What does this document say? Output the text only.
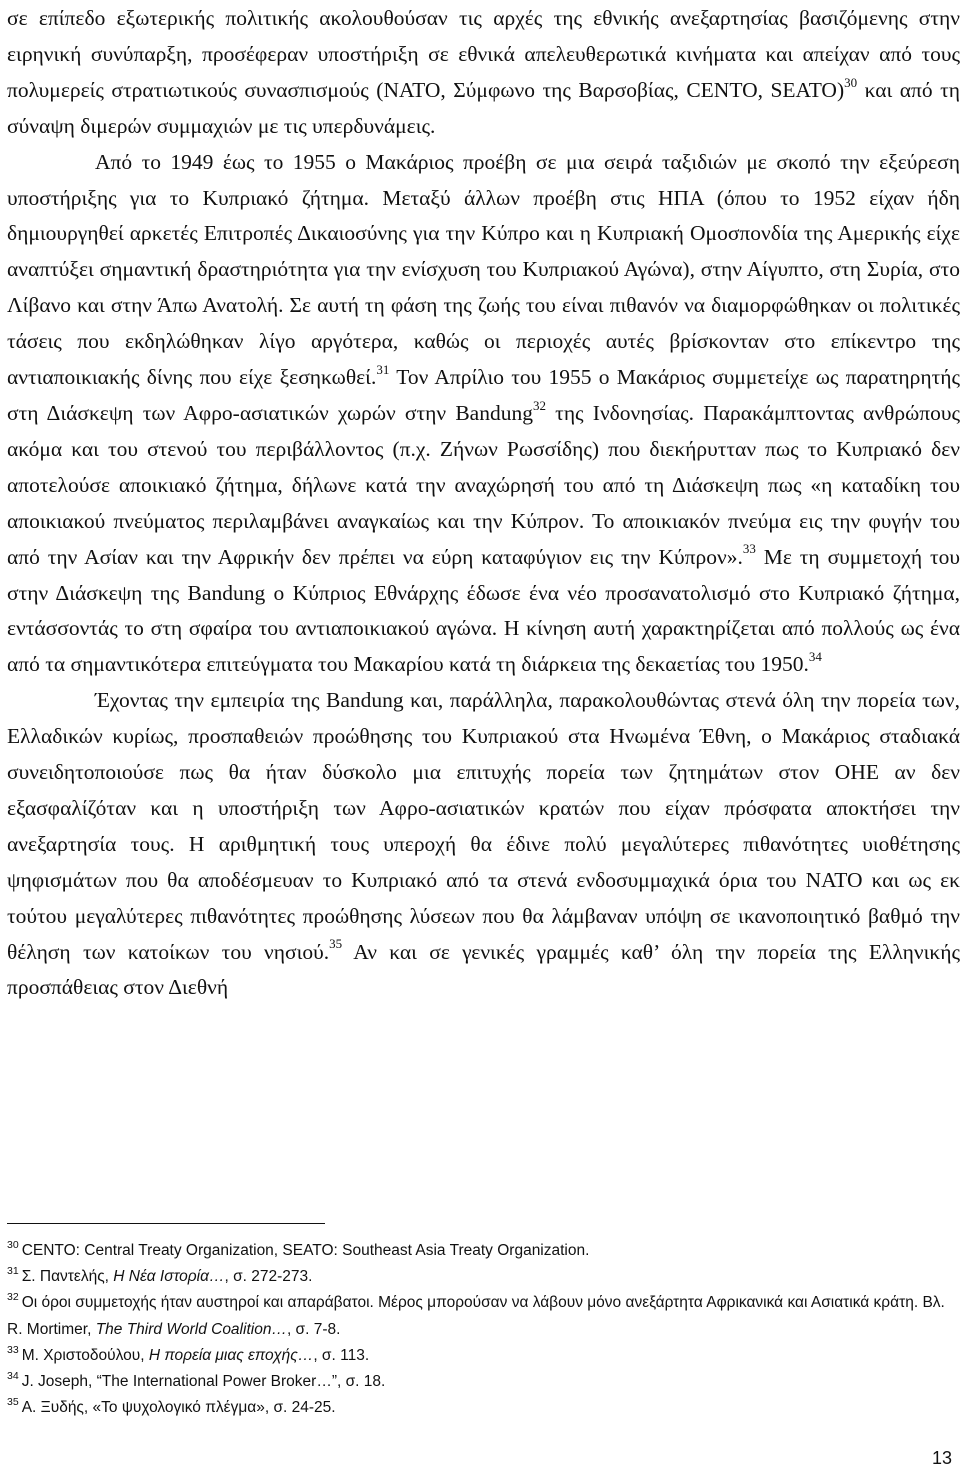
σε επίπεδο εξωτερικής πολιτικής ακολουθούσαν τις αρχές της εθνικής ανεξαρτησίας βασιζόμενης στην ειρηνική συνύπαρξη, προσέφεραν υποστήριξη σε εθνικά απελευθερωτικά κινήματα και απείχαν από τους πολυμερείς στρατιωτικούς συνασπισμούς (ΝΑΤΟ, Σύμφωνο της Βαρσοβίας, CENTO, SEATO)$^{30}$ και από τη σύναψη διμερών συμμαχιών με τις υπερδυνάμεις.

Από το 1949 έως το 1955 ο Μακάριος προέβη σε μια σειρά ταξιδιών με σκοπό την εξεύρεση υποστήριξης για το Κυπριακό ζήτημα. Μεταξύ άλλων προέβη στις ΗΠΑ (όπου το 1952 είχαν ήδη δημιουργηθεί αρκετές Επιτροπές Δικαιοσύνης για την Κύπρο και η Κυπριακή Ομοσπονδία της Αμερικής είχε αναπτύξει σημαντική δραστηριότητα για την ενίσχυση του Κυπριακού Αγώνα), στην Αίγυπτο, στη Συρία, στο Λίβανο και στην Άπω Ανατολή. Σε αυτή τη φάση της ζωής του είναι πιθανόν να διαμορφώθηκαν οι πολιτικές τάσεις που εκδηλώθηκαν λίγο αργότερα, καθώς οι περιοχές αυτές βρίσκονταν στο επίκεντρο της αντιαποικιακής δίνης που είχε ξεσηκωθεί.$^{31}$ Τον Απρίλιο του 1955 ο Μακάριος συμμετείχε ως παρατηρητής στη Διάσκεψη των Αφρο-ασιατικών χωρών στην Bandung$^{32}$ της Ινδονησίας. Παρακάμπτοντας ανθρώπους ακόμα και του στενού του περιβάλλοντος (π.χ. Ζήνων Ρωσσίδης) που διεκήρυτταν πως το Κυπριακό δεν αποτελούσε αποικιακό ζήτημα, δήλωνε κατά την αναχώρησή του από τη Διάσκεψη πως «η καταδίκη του αποικιακού πνεύματος περιλαμβάνει αναγκαίως και την Κύπρον. Το αποικιακόν πνεύμα εις την φυγήν του από την Ασίαν και την Αφρικήν δεν πρέπει να εύρη καταφύγιον εις την Κύπρον».$^{33}$ Με τη συμμετοχή του στην Διάσκεψη της Bandung ο Κύπριος Εθνάρχης έδωσε ένα νέο προσανατολισμό στο Κυπριακό ζήτημα, εντάσσοντάς το στη σφαίρα του αντιαποικιακού αγώνα. Η κίνηση αυτή χαρακτηρίζεται από πολλούς ως ένα από τα σημαντικότερα επιτεύγματα του Μακαρίου κατά τη διάρκεια της δεκαετίας του 1950.34

Έχοντας την εμπειρία της Bandung και, παράλληλα, παρακολουθώντας στενά όλη την πορεία των, Ελλαδικών κυρίως, προσπαθειών προώθησης του Κυπριακού στα Ηνωμένα Έθνη, ο Μακάριος σταδιακά συνειδητοποιούσε πως θα ήταν δύσκολο μια επιτυχής πορεία των ζητημάτων στον ΟΗΕ αν δεν εξασφαλίζόταν και η υποστήριξη των Αφρο-ασιατικών κρατών που είχαν πρόσφατα αποκτήσει την ανεξαρτησία τους. Η αριθμητική τους υπεροχή θα έδινε πολύ μεγαλύτερες πιθανότητες υιοθέτησης ψηφισμάτων που θα αποδέσμευαν το Κυπριακό από τα στενά ενδοσυμμαχικά όρια του ΝΑΤΟ και ως εκ τούτου μεγαλύτερες πιθανότητες προώθησης λύσεων που θα λάμβαναν υπόψη σε ικανοποιητικό βαθμό την θέληση των κατοίκων του νησιού.$^{35}$ Αν και σε γενικές γραμμές καθ’ όλη την πορεία της Ελληνικής προσπάθειας στον Διεθνή

$^{30}$ CENTO: Central Treaty Organization, SEATO: Southeast Asia Treaty Organization.

$^{31}$ Σ. Παντελής, Η Νέα Ιστορία…, σ. 272-273.

$^{32}$ Οι όροι συμμετοχής ήταν αυστηροί και απαράβατοι. Μέρος μπορούσαν να λάβουν μόνο ανεξάρτητα Αφρικανικά και Ασιατικά κράτη. Βλ. R. Mortimer, The Third World Coalition…, σ. 7-8.

$^{33}$ Μ. Χριστοδούλου, Η πορεία μιας εποχής…, σ. 113.

$^{34}$ J. Joseph, “The International Power Broker…”, σ. 18.

$^{35}$ Α. Ξυδής, «Το ψυχολογικό πλέγμα», σ. 24-25.

13
